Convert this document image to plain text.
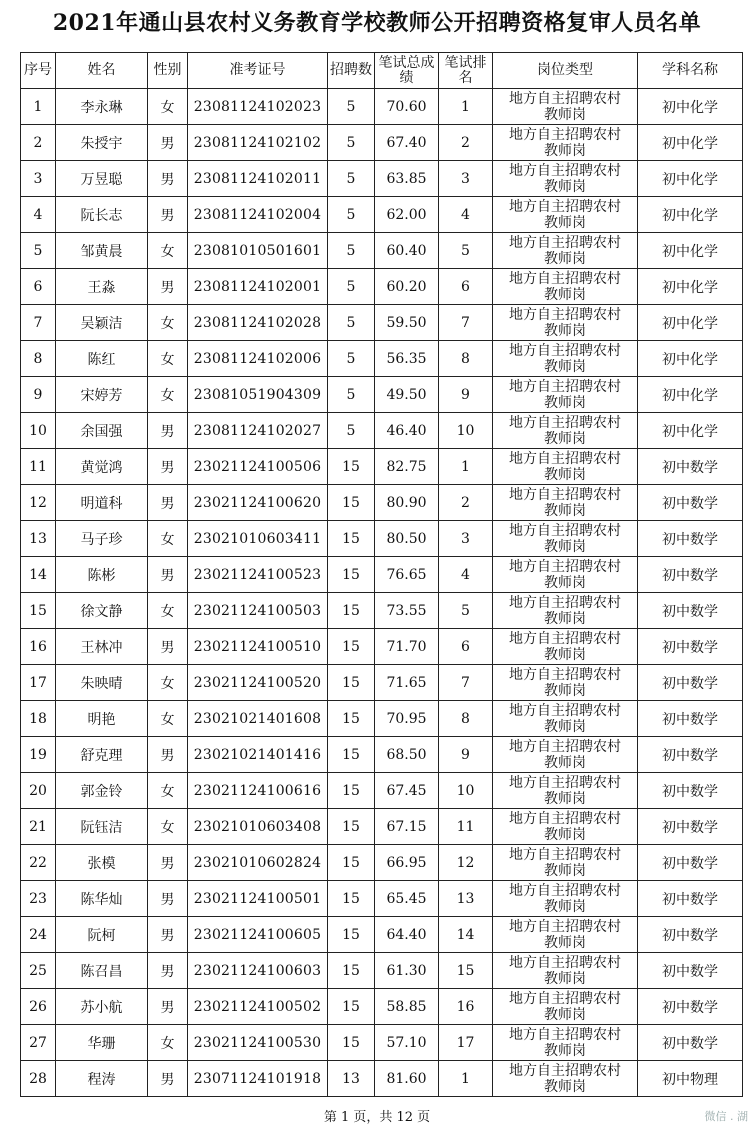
2021年通山县农村义务教育学校教师公开招聘资格复审人员名单
序号	姓名	性别	准考证号	招聘数	笔试总成绩	笔试排名	岗位类型	学科名称
1	李永琳	女	23081124102023	5	70.60	1	地方自主招聘农村教师岗	初中化学
2	朱授宇	男	23081124102102	5	67.40	2	地方自主招聘农村教师岗	初中化学
3	万昱聪	男	23081124102011	5	63.85	3	地方自主招聘农村教师岗	初中化学
4	阮长志	男	23081124102004	5	62.00	4	地方自主招聘农村教师岗	初中化学
5	邹黄晨	女	23081010501601	5	60.40	5	地方自主招聘农村教师岗	初中化学
6	王淼	男	23081124102001	5	60.20	6	地方自主招聘农村教师岗	初中化学
7	吴颖洁	女	23081124102028	5	59.50	7	地方自主招聘农村教师岗	初中化学
8	陈红	女	23081124102006	5	56.35	8	地方自主招聘农村教师岗	初中化学
9	宋婷芳	女	23081051904309	5	49.50	9	地方自主招聘农村教师岗	初中化学
10	余国强	男	23081124102027	5	46.40	10	地方自主招聘农村教师岗	初中化学
11	黄觉鸿	男	23021124100506	15	82.75	1	地方自主招聘农村教师岗	初中数学
12	明道科	男	23021124100620	15	80.90	2	地方自主招聘农村教师岗	初中数学
13	马子珍	女	23021010603411	15	80.50	3	地方自主招聘农村教师岗	初中数学
14	陈彬	男	23021124100523	15	76.65	4	地方自主招聘农村教师岗	初中数学
15	徐文静	女	23021124100503	15	73.55	5	地方自主招聘农村教师岗	初中数学
16	王林冲	男	23021124100510	15	71.70	6	地方自主招聘农村教师岗	初中数学
17	朱映晴	女	23021124100520	15	71.65	7	地方自主招聘农村教师岗	初中数学
18	明艳	女	23021021401608	15	70.95	8	地方自主招聘农村教师岗	初中数学
19	舒克理	男	23021021401416	15	68.50	9	地方自主招聘农村教师岗	初中数学
20	郭金铃	女	23021124100616	15	67.45	10	地方自主招聘农村教师岗	初中数学
21	阮钰洁	女	23021010603408	15	67.15	11	地方自主招聘农村教师岗	初中数学
22	张模	男	23021010602824	15	66.95	12	地方自主招聘农村教师岗	初中数学
23	陈华灿	男	23021124100501	15	65.45	13	地方自主招聘农村教师岗	初中数学
24	阮柯	男	23021124100605	15	64.40	14	地方自主招聘农村教师岗	初中数学
25	陈召昌	男	23021124100603	15	61.30	15	地方自主招聘农村教师岗	初中数学
26	苏小航	男	23021124100502	15	58.85	16	地方自主招聘农村教师岗	初中数学
27	华珊	女	23021124100530	15	57.10	17	地方自主招聘农村教师岗	初中数学
28	程涛	男	23071124101918	13	81.60	1	地方自主招聘农村教师岗	初中物理
第 1 页，共 12 页	微信 . 湖
